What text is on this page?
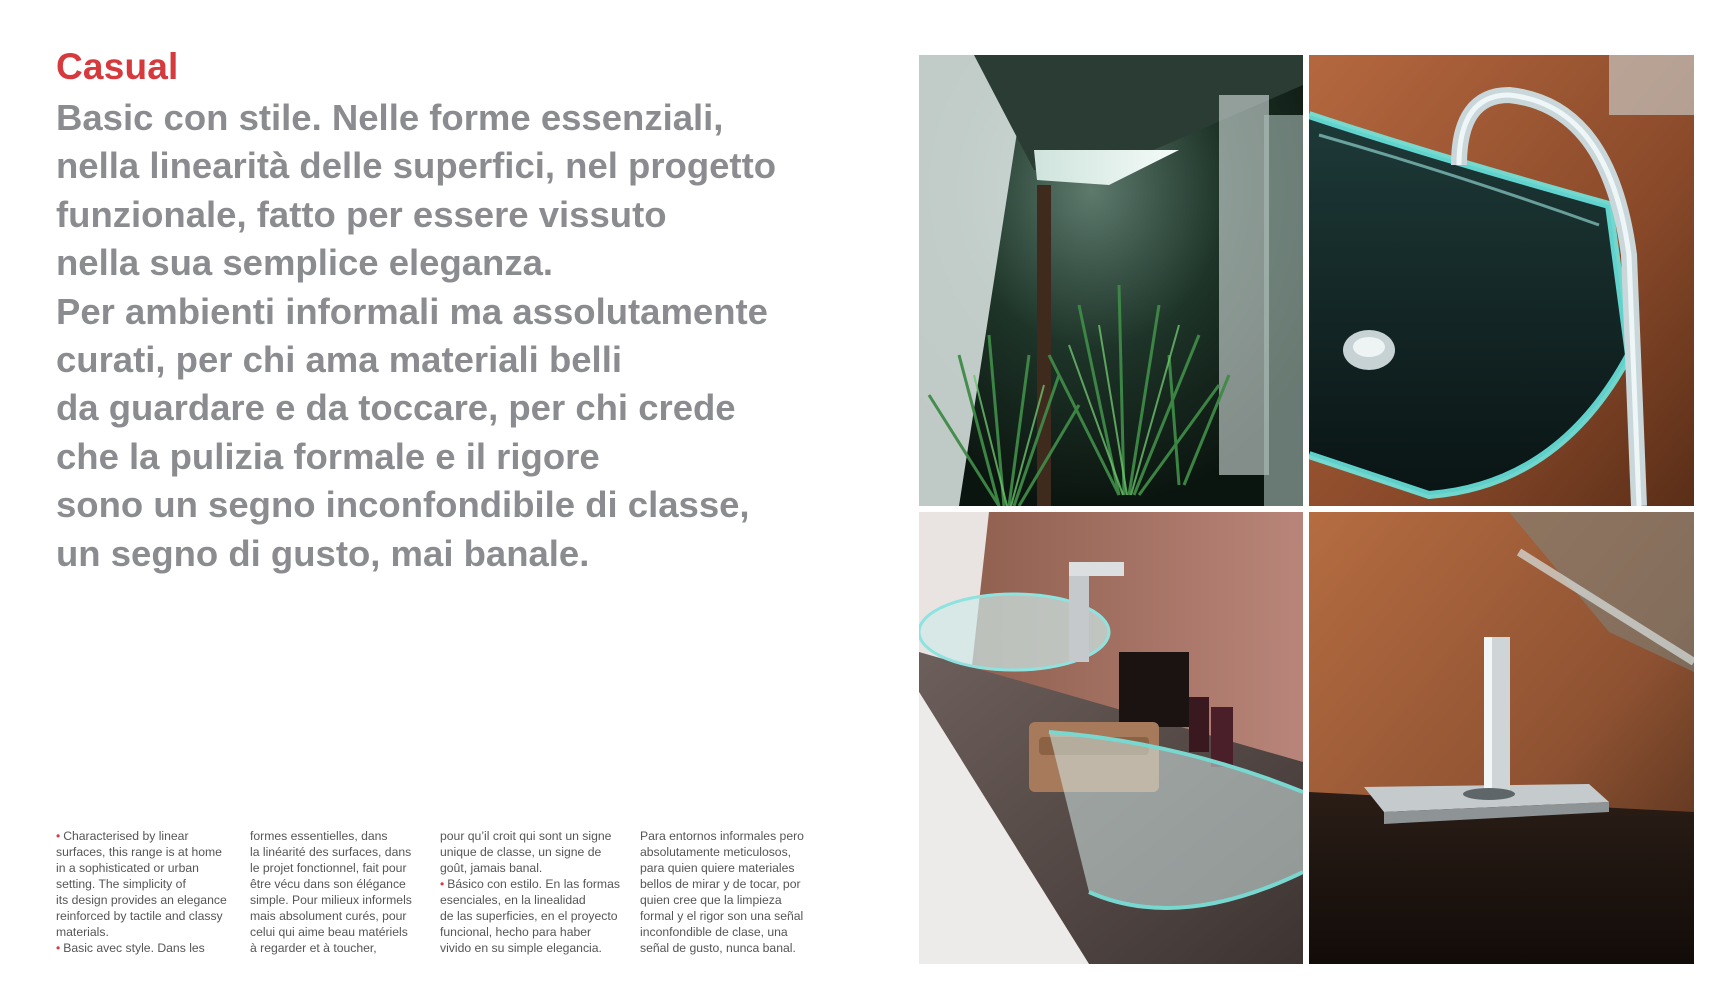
Casual
Basic con stile. Nelle forme essenziali,
nella linearità delle superfici, nel progetto
funzionale, fatto per essere vissuto
nella sua semplice eleganza.
Per ambienti informali ma assolutamente
curati, per chi ama materiali belli
da guardare e da toccare, per chi crede
che la pulizia formale e il rigore
sono un segno inconfondibile di classe,
un segno di gusto, mai banale.
• Characterised by linear
surfaces, this range is at home
in a sophisticated or urban
setting. The simplicity of
its design provides an elegance
reinforced by tactile and classy
materials.
• Basic avec style. Dans les
formes essentielles, dans
la linéarité des surfaces, dans
le projet fonctionnel, fait pour
être vécu dans son élégance
simple. Pour milieux informels
mais absolument curés, pour
celui qui aime beau matériels
à regarder et à toucher,
pour qu’il croit qui sont un signe
unique de classe, un signe de
goût, jamais banal.
• Básico con estilo. En las formas
esenciales, en la linealidad
de las superficies, en el proyecto
funcional, hecho para haber
vivido en su simple elegancia.
Para entornos informales pero
absolutamente meticulosos,
para quien quiere materiales
bellos de mirar y de tocar, por
quien cree que la limpieza
formal y el rigor son una señal
inconfondible de clase, una
señal de gusto, nunca banal.
